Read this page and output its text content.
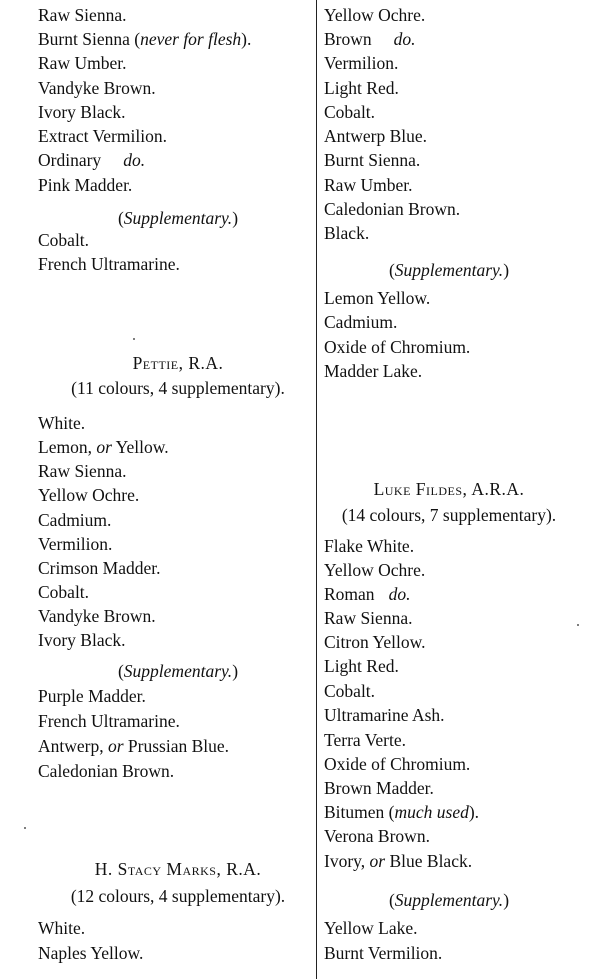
Raw Sienna.
Burnt Sienna (never for flesh).
Raw Umber.
Vandyke Brown.
Ivory Black.
Extract Vermilion.
Ordinary do.
Pink Madder.
(Supplementary.)
Cobalt.
French Ultramarine.
Pettie, R.A.
(11 colours, 4 supplementary).
White.
Lemon, or Yellow.
Raw Sienna.
Yellow Ochre.
Cadmium.
Vermilion.
Crimson Madder.
Cobalt.
Vandyke Brown.
Ivory Black.
(Supplementary.)
Purple Madder.
French Ultramarine.
Antwerp, or Prussian Blue.
Caledonian Brown.
H. Stacy Marks, R.A.
(12 colours, 4 supplementary).
White.
Naples Yellow.
Yellow Ochre.
Brown do.
Vermilion.
Light Red.
Cobalt.
Antwerp Blue.
Burnt Sienna.
Raw Umber.
Caledonian Brown.
Black.
(Supplementary.)
Lemon Yellow.
Cadmium.
Oxide of Chromium.
Madder Lake.
Luke Fildes, A.R.A.
(14 colours, 7 supplementary).
Flake White.
Yellow Ochre.
Roman do.
Raw Sienna.
Citron Yellow.
Light Red.
Cobalt.
Ultramarine Ash.
Terra Verte.
Oxide of Chromium.
Brown Madder.
Bitumen (much used).
Verona Brown.
Ivory, or Blue Black.
(Supplementary.)
Yellow Lake.
Burnt Vermilion.
